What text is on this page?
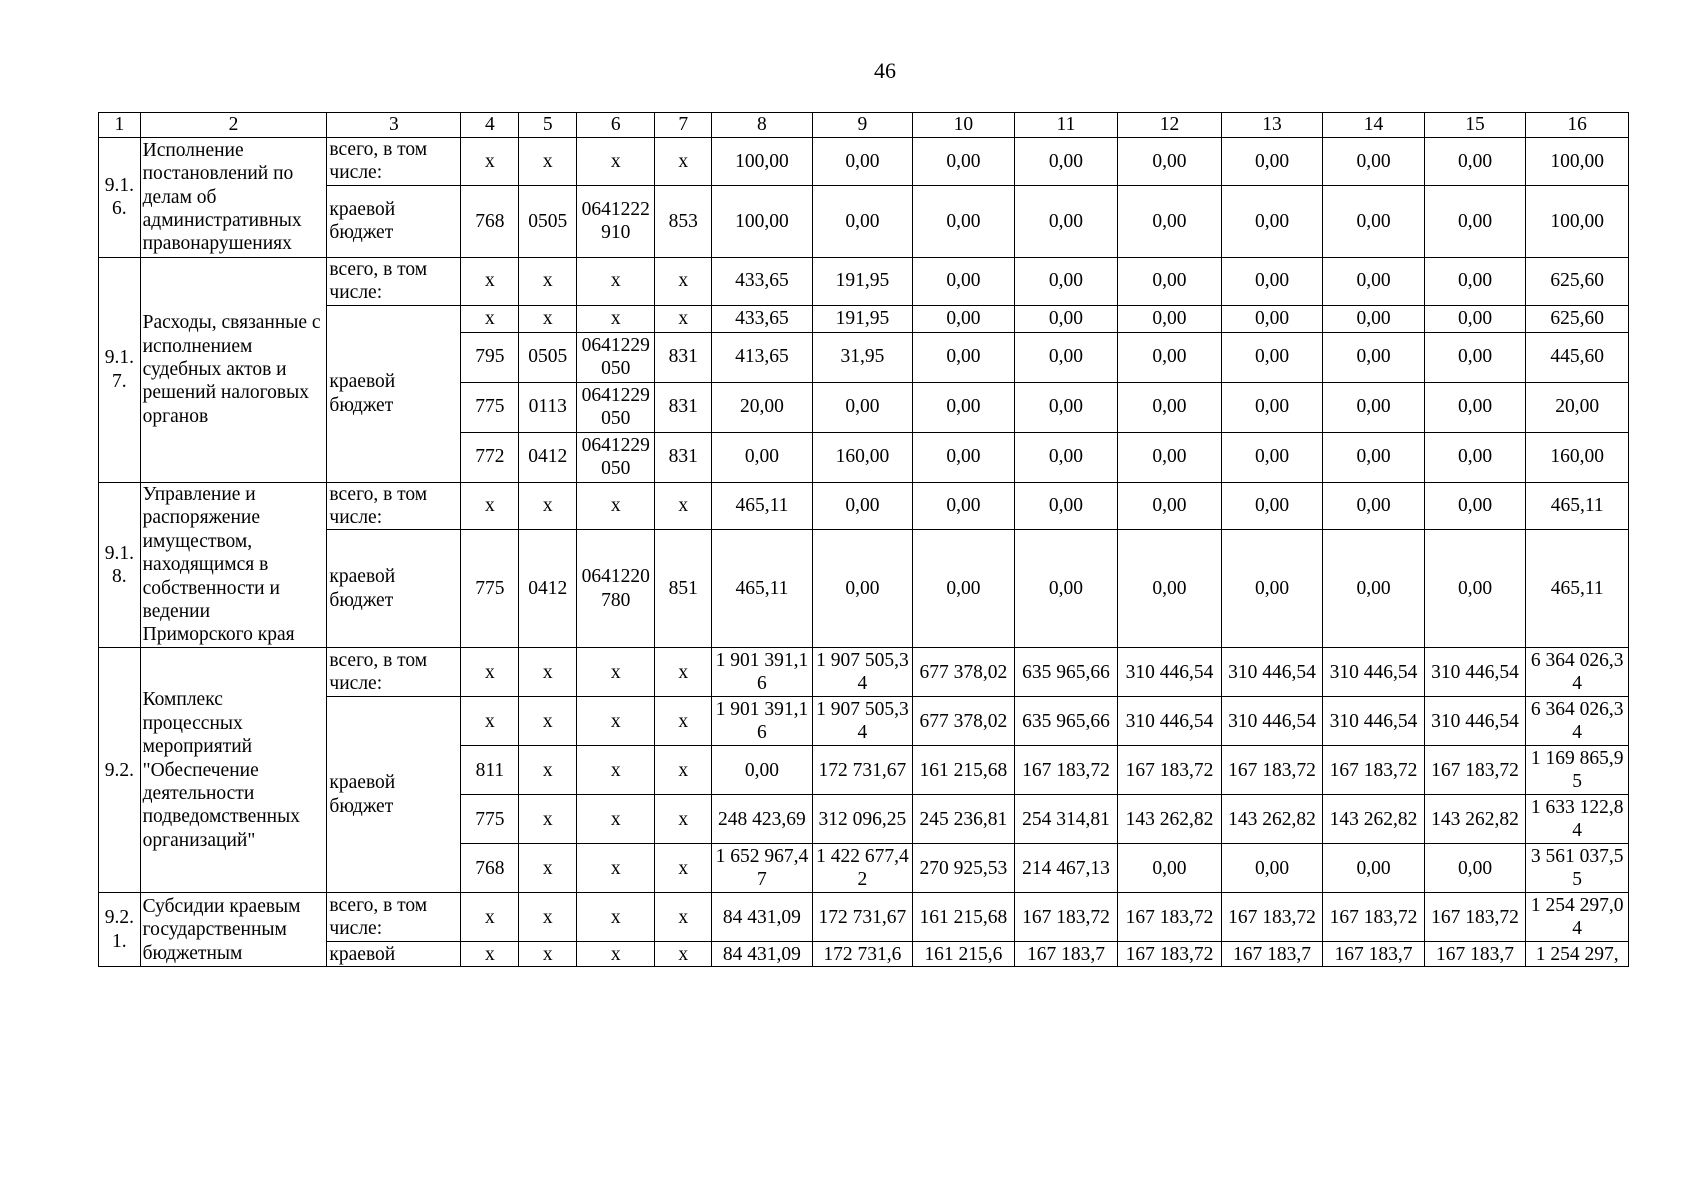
46
1	2	3	4	5	6	7	8	9	10	11	12	13	14	15	16
9.1.6.	Исполнение постановлений по делам об административных правонарушениях	всего, в том числе:	x	x	x	x	100,00	0,00	0,00	0,00	0,00	0,00	0,00	0,00	100,00
		краевой бюджет	768	0505	0641222910	853	100,00	0,00	0,00	0,00	0,00	0,00	0,00	0,00	100,00
9.1.7.	Расходы, связанные с исполнением судебных актов и решений налоговых органов	всего, в том числе:	x	x	x	x	433,65	191,95	0,00	0,00	0,00	0,00	0,00	0,00	625,60
		краевой бюджет	x	x	x	x	433,65	191,95	0,00	0,00	0,00	0,00	0,00	0,00	625,60
			795	0505	0641229050	831	413,65	31,95	0,00	0,00	0,00	0,00	0,00	0,00	445,60
			775	0113	0641229050	831	20,00	0,00	0,00	0,00	0,00	0,00	0,00	0,00	20,00
			772	0412	0641229050	831	0,00	160,00	0,00	0,00	0,00	0,00	0,00	0,00	160,00
9.1.8.	Управление и распоряжение имуществом, находящимся в собственности и ведении Приморского края	всего, в том числе:	x	x	x	x	465,11	0,00	0,00	0,00	0,00	0,00	0,00	0,00	465,11
		краевой бюджет	775	0412	0641220780	851	465,11	0,00	0,00	0,00	0,00	0,00	0,00	0,00	465,11
9.2.	Комплекс процессных мероприятий "Обеспечение деятельности подведомственных организаций"	всего, в том числе:	x	x	x	x	1 901 391,16	1 907 505,34	677 378,02	635 965,66	310 446,54	310 446,54	310 446,54	310 446,54	6 364 026,34
		краевой бюджет	x	x	x	x	1 901 391,16	1 907 505,34	677 378,02	635 965,66	310 446,54	310 446,54	310 446,54	310 446,54	6 364 026,34
			811	x	x	x	0,00	172 731,67	161 215,68	167 183,72	167 183,72	167 183,72	167 183,72	167 183,72	1 169 865,95
			775	x	x	x	248 423,69	312 096,25	245 236,81	254 314,81	143 262,82	143 262,82	143 262,82	143 262,82	1 633 122,84
			768	x	x	x	1 652 967,47	1 422 677,42	270 925,53	214 467,13	0,00	0,00	0,00	0,00	3 561 037,55
9.2.1.	Субсидии краевым государственным бюджетным	всего, в том числе:	x	x	x	x	84 431,09	172 731,67	161 215,68	167 183,72	167 183,72	167 183,72	167 183,72	167 183,72	1 254 297,04
		краевой	x	x	x	x	84 431,09	172 731,6	161 215,6	167 183,7	167 183,72	167 183,7	167 183,7	167 183,7	1 254 297,
